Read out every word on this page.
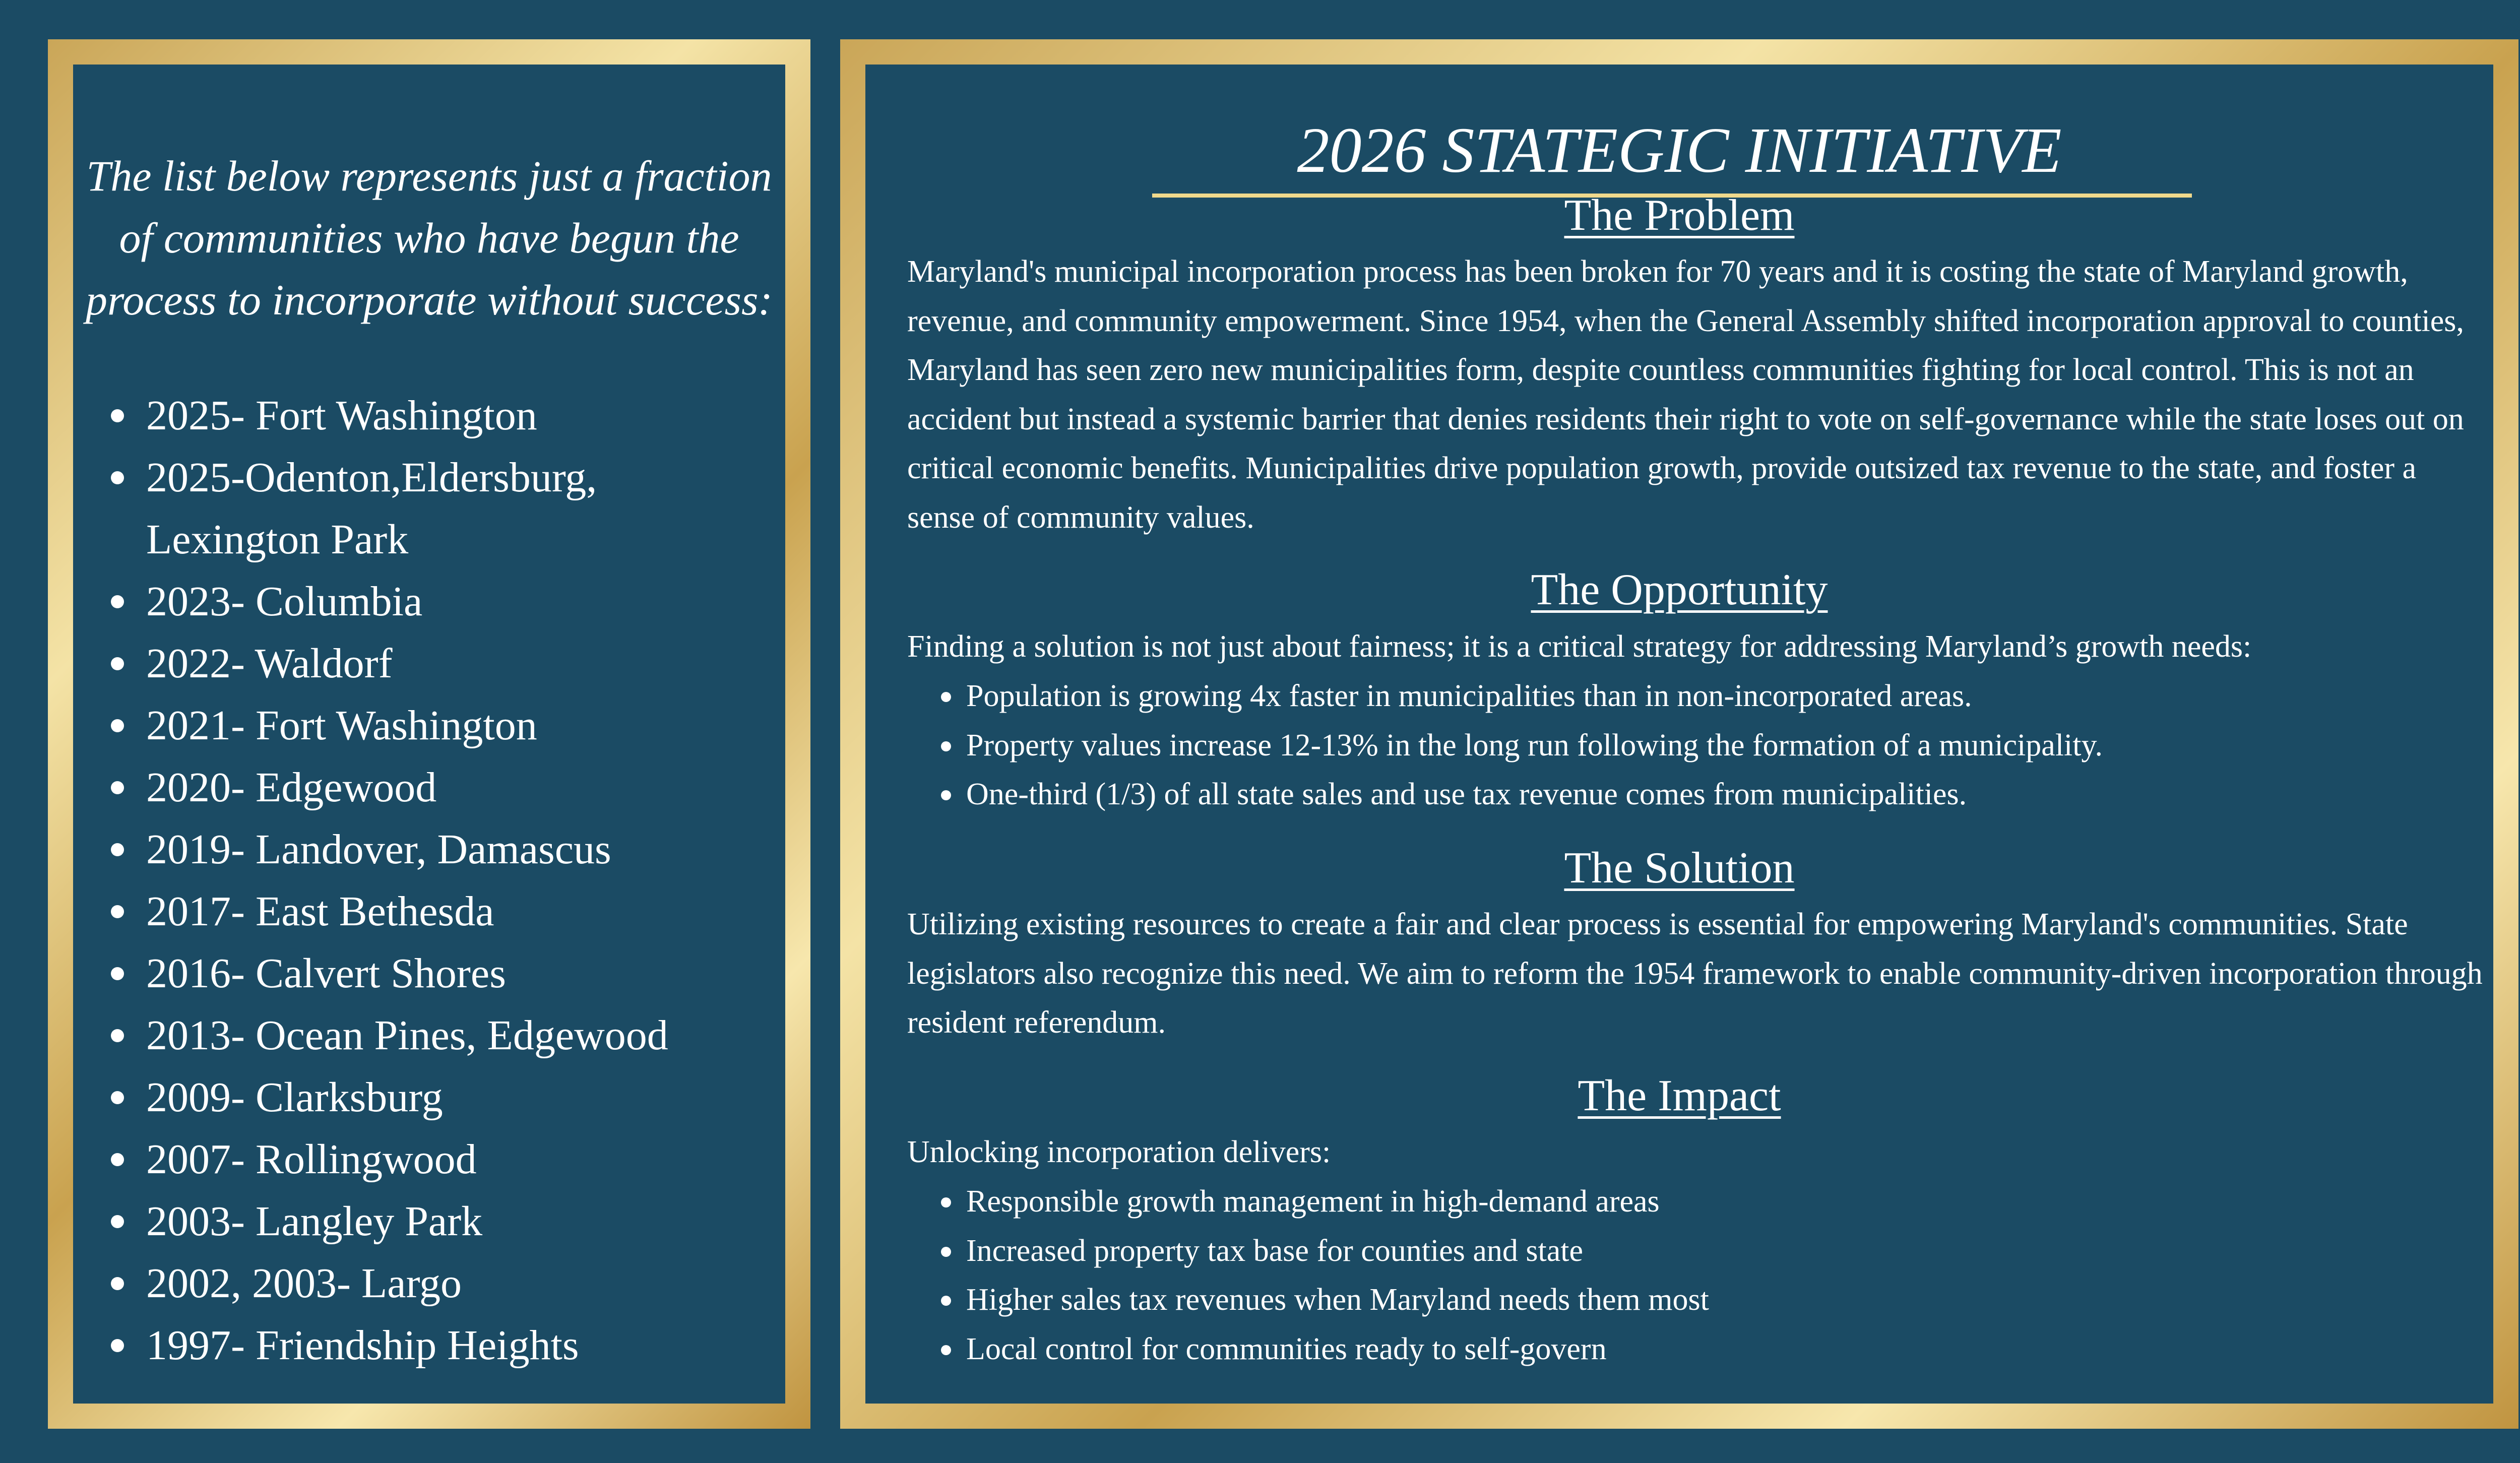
The list below represents just a fraction of communities who have begun the process to incorporate without success:

2025- Fort Washington
2025-Odenton,Eldersburg, Lexington Park
2023- Columbia
2022- Waldorf
2021- Fort Washington
2020- Edgewood
2019- Landover, Damascus
2017- East Bethesda
2016- Calvert Shores
2013- Ocean Pines, Edgewood
2009- Clarksburg
2007- Rollingwood
2003- Langley Park
2002, 2003- Largo
1997- Friendship Heights
2026 STATEGIC INITIATIVE
The Problem

Maryland's municipal incorporation process has been broken for 70 years and it is costing the state of Maryland growth, revenue, and community empowerment. Since 1954, when the General Assembly shifted incorporation approval to counties, Maryland has seen zero new municipalities form, despite countless communities fighting for local control. This is not an accident but instead a systemic barrier that denies residents their right to vote on self-governance while the state loses out on critical economic benefits. Municipalities drive population growth, provide outsized tax revenue to the state, and foster a sense of community values.

The Opportunity

Finding a solution is not just about fairness; it is a critical strategy for addressing Maryland’s growth needs:

Population is growing 4x faster in municipalities than in non-incorporated areas.
Property values increase 12-13% in the long run following the formation of a municipality.
One-third (1/3) of all state sales and use tax revenue comes from municipalities.
The Solution

Utilizing existing resources to create a fair and clear process is essential for empowering Maryland's communities. State legislators also recognize this need. We aim to reform the 1954 framework to enable community-driven incorporation through resident referendum.

The Impact

Unlocking incorporation delivers:

Responsible growth management in high-demand areas
Increased property tax base for counties and state
Higher sales tax revenues when Maryland needs them most
Local control for communities ready to self-govern
